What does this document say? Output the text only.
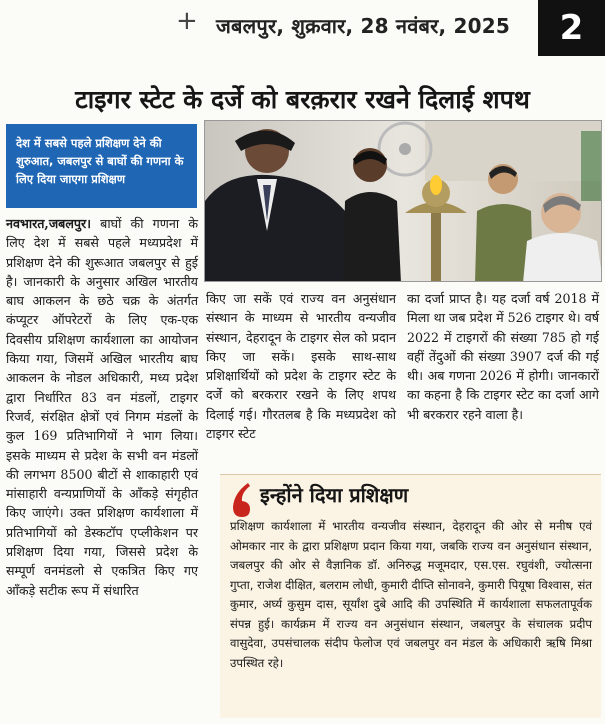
+ जबलपुर, शुक्रवार, 28 नवंबर, 2025	2
टाइगर स्टेट के दर्जे को बरक़रार रखने दिलाई शपथ
देश में सबसे पहले प्रशिक्षण देने की शुरुआत, जबलपुर से बाघों की गणना के लिए दिया जाएगा प्रशिक्षण
नवभारत,जबलपुर। बाघों की गणना के लिए देश में सबसे पहले मध्यप्रदेश में प्रशिक्षण देने की शुरूआत जबलपुर से हुई है। जानकारी के अनुसार अखिल भारतीय बाघ आकलन के छठे चक्र के अंतर्गत कंप्यूटर ऑपरेटरों के लिए एक-एक दिवसीय प्रशिक्षण कार्यशाला का आयोजन किया गया, जिसमें अखिल भारतीय बाघ आकलन के नोडल अधिकारी, मध्य प्रदेश द्वारा निर्धारित 83 वन मंडलों, टाइगर रिजर्व, संरक्षित क्षेत्रों एवं निगम मंडलों के कुल 169 प्रतिभागियों ने भाग लिया। इसके माध्यम से प्रदेश के सभी वन मंडलों की लगभग 8500 बीटों से शाकाहारी एवं मांसाहारी वन्यप्राणियों के आँकड़े संगृहीत किए जाएंगे। उक्त प्रशिक्षण कार्यशाला में प्रतिभागियों को डेस्कटॉप एप्लीकेशन पर प्रशिक्षण दिया गया, जिससे प्रदेश के सम्पूर्ण वनमंडलो से एकत्रित किए गए आँकड़े सटीक रूप में संधारित
किए जा सकें एवं राज्य वन अनुसंधान संस्थान के माध्यम से भारतीय वन्यजीव संस्थान, देहरादून के टाइगर सेल को प्रदान किए जा सकें। इसके साथ-साथ प्रशिक्षार्थियों को प्रदेश के टाइगर स्टेट के दर्जे को बरकरार रखने के लिए शपथ दिलाई गई। गौरतलब है कि मध्यप्रदेश को टाइगर स्टेट
का दर्जा प्राप्त है। यह दर्जा वर्ष 2018 में मिला था जब प्रदेश में 526 टाइगर थे। वर्ष 2022 में टाइगरों की संख्या 785 हो गई वहीं तेंदुओं की संख्या 3907 दर्ज की गई थी। अब गणना 2026 में होगी। जानकारों का कहना है कि टाइगर स्टेट का दर्जा आगे भी बरकरार रहने वाला है।
इन्होंने दिया प्रशिक्षण
प्रशिक्षण कार्यशाला में भारतीय वन्यजीव संस्थान, देहरादून की ओर से मनीष एवं ओमकार नार के द्वारा प्रशिक्षण प्रदान किया गया, जबकि राज्य वन अनुसंधान संस्थान, जबलपुर की ओर से वैज्ञानिक डॉ. अनिरुद्ध मजूमदार, एस.एस. रघुवंशी, ज्योत्सना गुप्ता, राजेश दीक्षित, बलराम लोधी, कुमारी दीप्ति सोनावने, कुमारी पियूषा विश्वास, संत कुमार, अर्घ्य कुसुम दास, सूर्यांश दुबे आदि की उपस्थिति में कार्यशाला सफलतापूर्वक संपन्न हुई। कार्यक्रम में राज्य वन अनुसंधान संस्थान, जबलपुर के संचालक प्रदीप वासुदेवा, उपसंचालक संदीप फेलोज एवं जबलपुर वन मंडल के अधिकारी ऋषि मिश्रा उपस्थित रहे।
